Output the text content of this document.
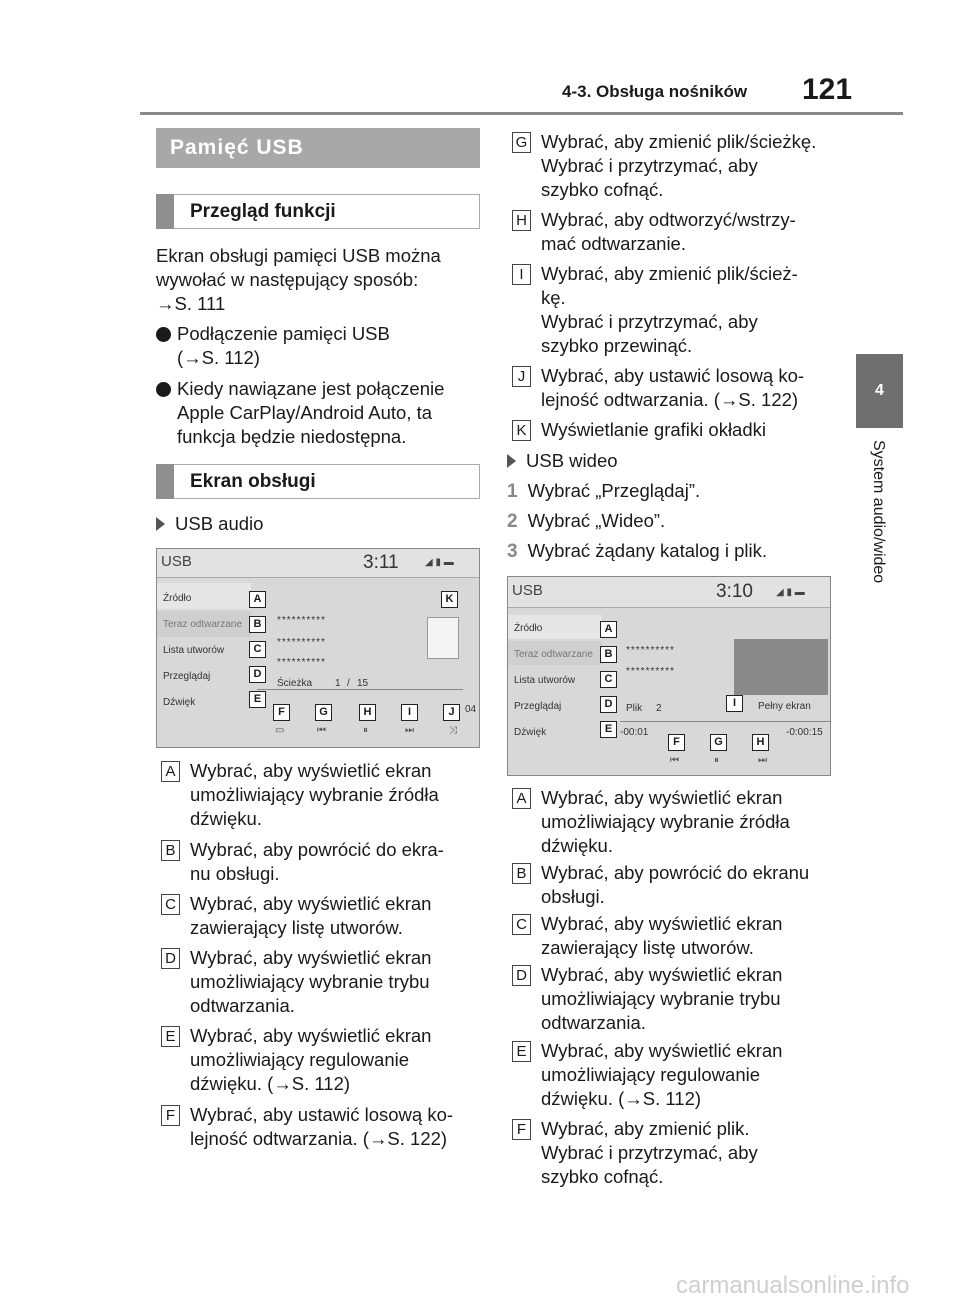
4-3. Obsługa nośników 121
4
System audio/wideo
Pamięć USB
Przegląd funkcji
Ekran obsługi pamięci USB można
wywołać w następujący sposób:
→S. 111
Podłączenie pamięci USB
(→S. 112)
Kiedy nawiązane jest połączenie
Apple CarPlay/Android Auto, ta
funkcja będzie niedostępna.
Ekran obsługi
USB audio
USB	3:11	◢ ▮ ▬
Źródło
Teraz odtwarzane
Lista utworów
Przeglądaj
Dźwięk
**********
**********
**********
Ścieżka 1 / 15
04
▭	⏮	⏸	⏭	⤨
A	K
B
C
D
E
F	G	H	I	J
A Wybrać, aby wyświetlić ekran
umożliwiający wybranie źródła
dźwięku.
B Wybrać, aby powrócić do ekra-
nu obsługi.
C Wybrać, aby wyświetlić ekran
zawierający listę utworów.
D Wybrać, aby wyświetlić ekran
umożliwiający wybranie trybu
odtwarzania.
E Wybrać, aby wyświetlić ekran
umożliwiający regulowanie
dźwięku. (→S. 112)
F Wybrać, aby ustawić losową ko-
lejność odtwarzania. (→S. 122)
G Wybrać, aby zmienić plik/ścieżkę.
Wybrać i przytrzymać, aby
szybko cofnąć.
H Wybrać, aby odtworzyć/wstrzy-
mać odtwarzanie.
I Wybrać, aby zmienić plik/ścież-
kę.
Wybrać i przytrzymać, aby
szybko przewinąć.
J Wybrać, aby ustawić losową ko-
lejność odtwarzania. (→S. 122)
K Wyświetlanie grafiki okładki
USB wideo
1 Wybrać „Przeglądaj”.
2 Wybrać „Wideo”.
3 Wybrać żądany katalog i plik.
USB	3:10 ◢ ▮ ▬
Źródło
Teraz odtwarzane
Lista utworów
Przeglądaj
Dźwięk
**********
**********
Plik 2	Pełny ekran
-00:01	-0:00:15
⏮	⏸	⏭
A
B
C
D
E
I
F	G	H
A Wybrać, aby wyświetlić ekran
umożliwiający wybranie źródła
dźwięku.
B Wybrać, aby powrócić do ekranu
obsługi.
C Wybrać, aby wyświetlić ekran
zawierający listę utworów.
D Wybrać, aby wyświetlić ekran
umożliwiający wybranie trybu
odtwarzania.
E Wybrać, aby wyświetlić ekran
umożliwiający regulowanie
dźwięku. (→S. 112)
F Wybrać, aby zmienić plik.
Wybrać i przytrzymać, aby
szybko cofnąć.
carmanualsonline.info
